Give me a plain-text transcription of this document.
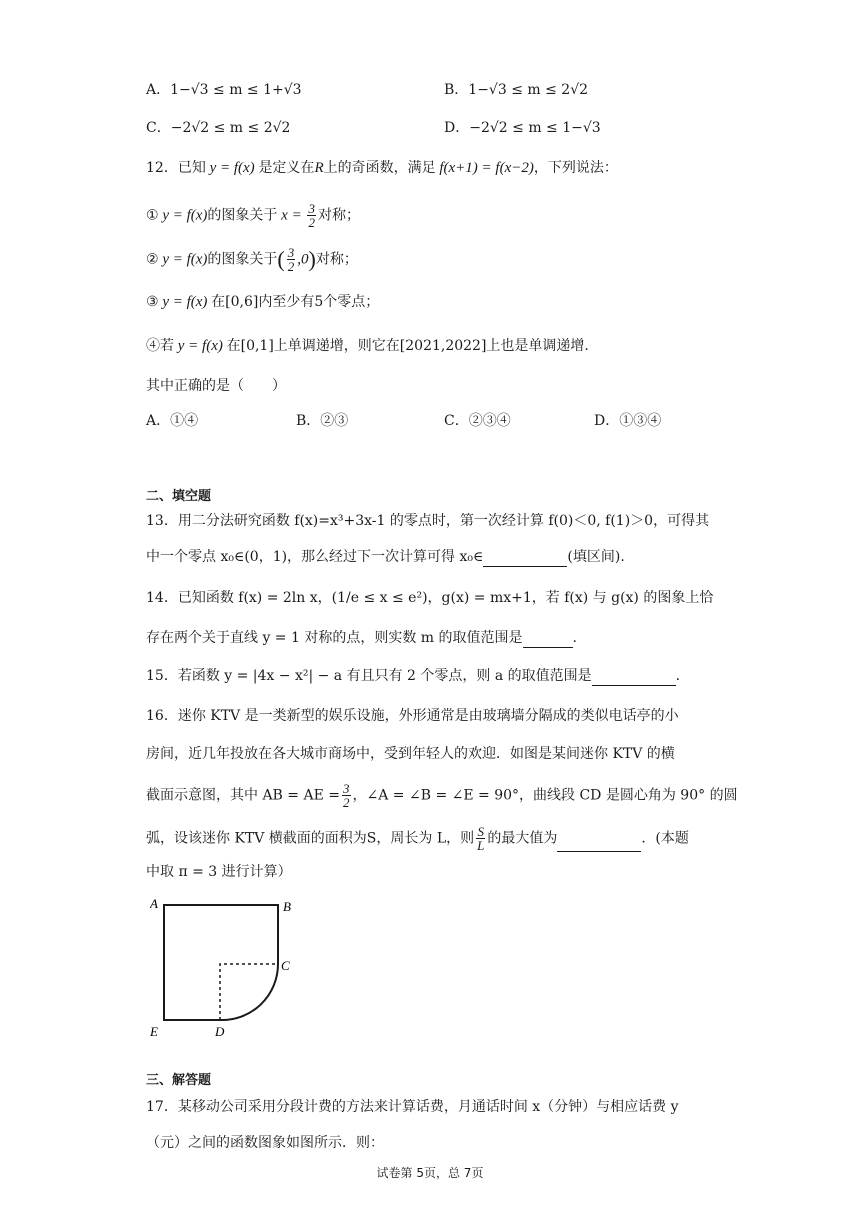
A．1−√3 ≤ m ≤ 1+√3	B．1−√3 ≤ m ≤ 2√2
C．−2√2 ≤ m ≤ 2√2	D．−2√2 ≤ m ≤ 1−√3
12．已知 y = f(x) 是定义在R上的奇函数，满足 f(x+1) = f(x−2)，下列说法：
① y = f(x)的图象关于 $x = \frac{3}{2}$ 对称；
② y = f(x)的图象关于( $\frac{3}{2} ,0$)对称；
③ y = f(x) 在[0,6]内至少有5个零点；
④若 y = f(x) 在[0,1]上单调递增，则它在[2021,2022]上也是单调递增.
其中正确的是（　　）
A．①④	B．②③	C．②③④	D．①③④
二、填空题
13．用二分法研究函数 f(x)=x³+3x-1 的零点时，第一次经计算 f(0)＜0, f(1)＞0，可得其
中一个零点 x₀∈(0，1)，那么经过下一次计算可得 x₀∈	(填区间).
14．已知函数 f(x) = 2ln x，(1/e ≤ x ≤ e²)，g(x) = mx+1，若 f(x) 与 g(x) 的图象上恰
存在两个关于直线 y = 1 对称的点，则实数 m 的取值范围是	.
15．若函数 y = |4x − x²| − a 有且只有 2 个零点，则 a 的取值范围是	.
16．迷你 KTV 是一类新型的娱乐设施，外形通常是由玻璃墙分隔成的类似电话亭的小
房间，近几年投放在各大城市商场中，受到年轻人的欢迎．如图是某间迷你 KTV 的横
截面示意图，其中 AB = AE = $\frac{3}{2}$ ，∠A = ∠B = ∠E = 90°，曲线段 CD 是圆心角为 90° 的圆
弧，设该迷你 KTV 横截面的面积为S，周长为 L，则 $\frac{S}{L}$ 的最大值为	．(本题
中取 π = 3 进行计算）
A	B
C
D
E
三、解答题
17．某移动公司采用分段计费的方法来计算话费，月通话时间 x（分钟）与相应话费 y
（元）之间的函数图象如图所示．则：
试卷第 5页，总 7页
